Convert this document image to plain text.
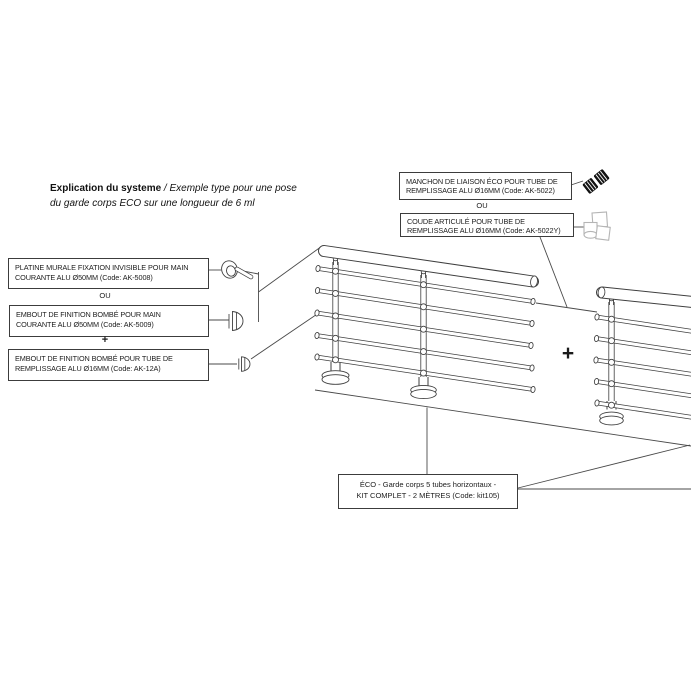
Explication du systeme / Exemple type pour une pose
du garde corps ECO sur une longueur de 6 ml
PLATINE MURALE FIXATION INVISIBLE POUR MAIN
COURANTE ALU Ø50MM (Code: AK-5008)
OU
EMBOUT DE FINITION BOMBÉ POUR MAIN
COURANTE ALU Ø50MM (Code: AK-5009)
+
EMBOUT DE FINITION BOMBÉ POUR TUBE DE
REMPLISSAGE ALU Ø16MM (Code: AK-12A)
MANCHON DE LIAISON ÉCO POUR TUBE DE
REMPLISSAGE ALU Ø16MM (Code: AK-5022)
OU
COUDE ARTICULÉ POUR TUBE DE
REMPLISSAGE ALU Ø16MM (Code: AK-5022Y)
ÉCO - Garde corps 5 tubes horizontaux -
KIT COMPLET - 2 MÈTRES (Code: kit105)
+
